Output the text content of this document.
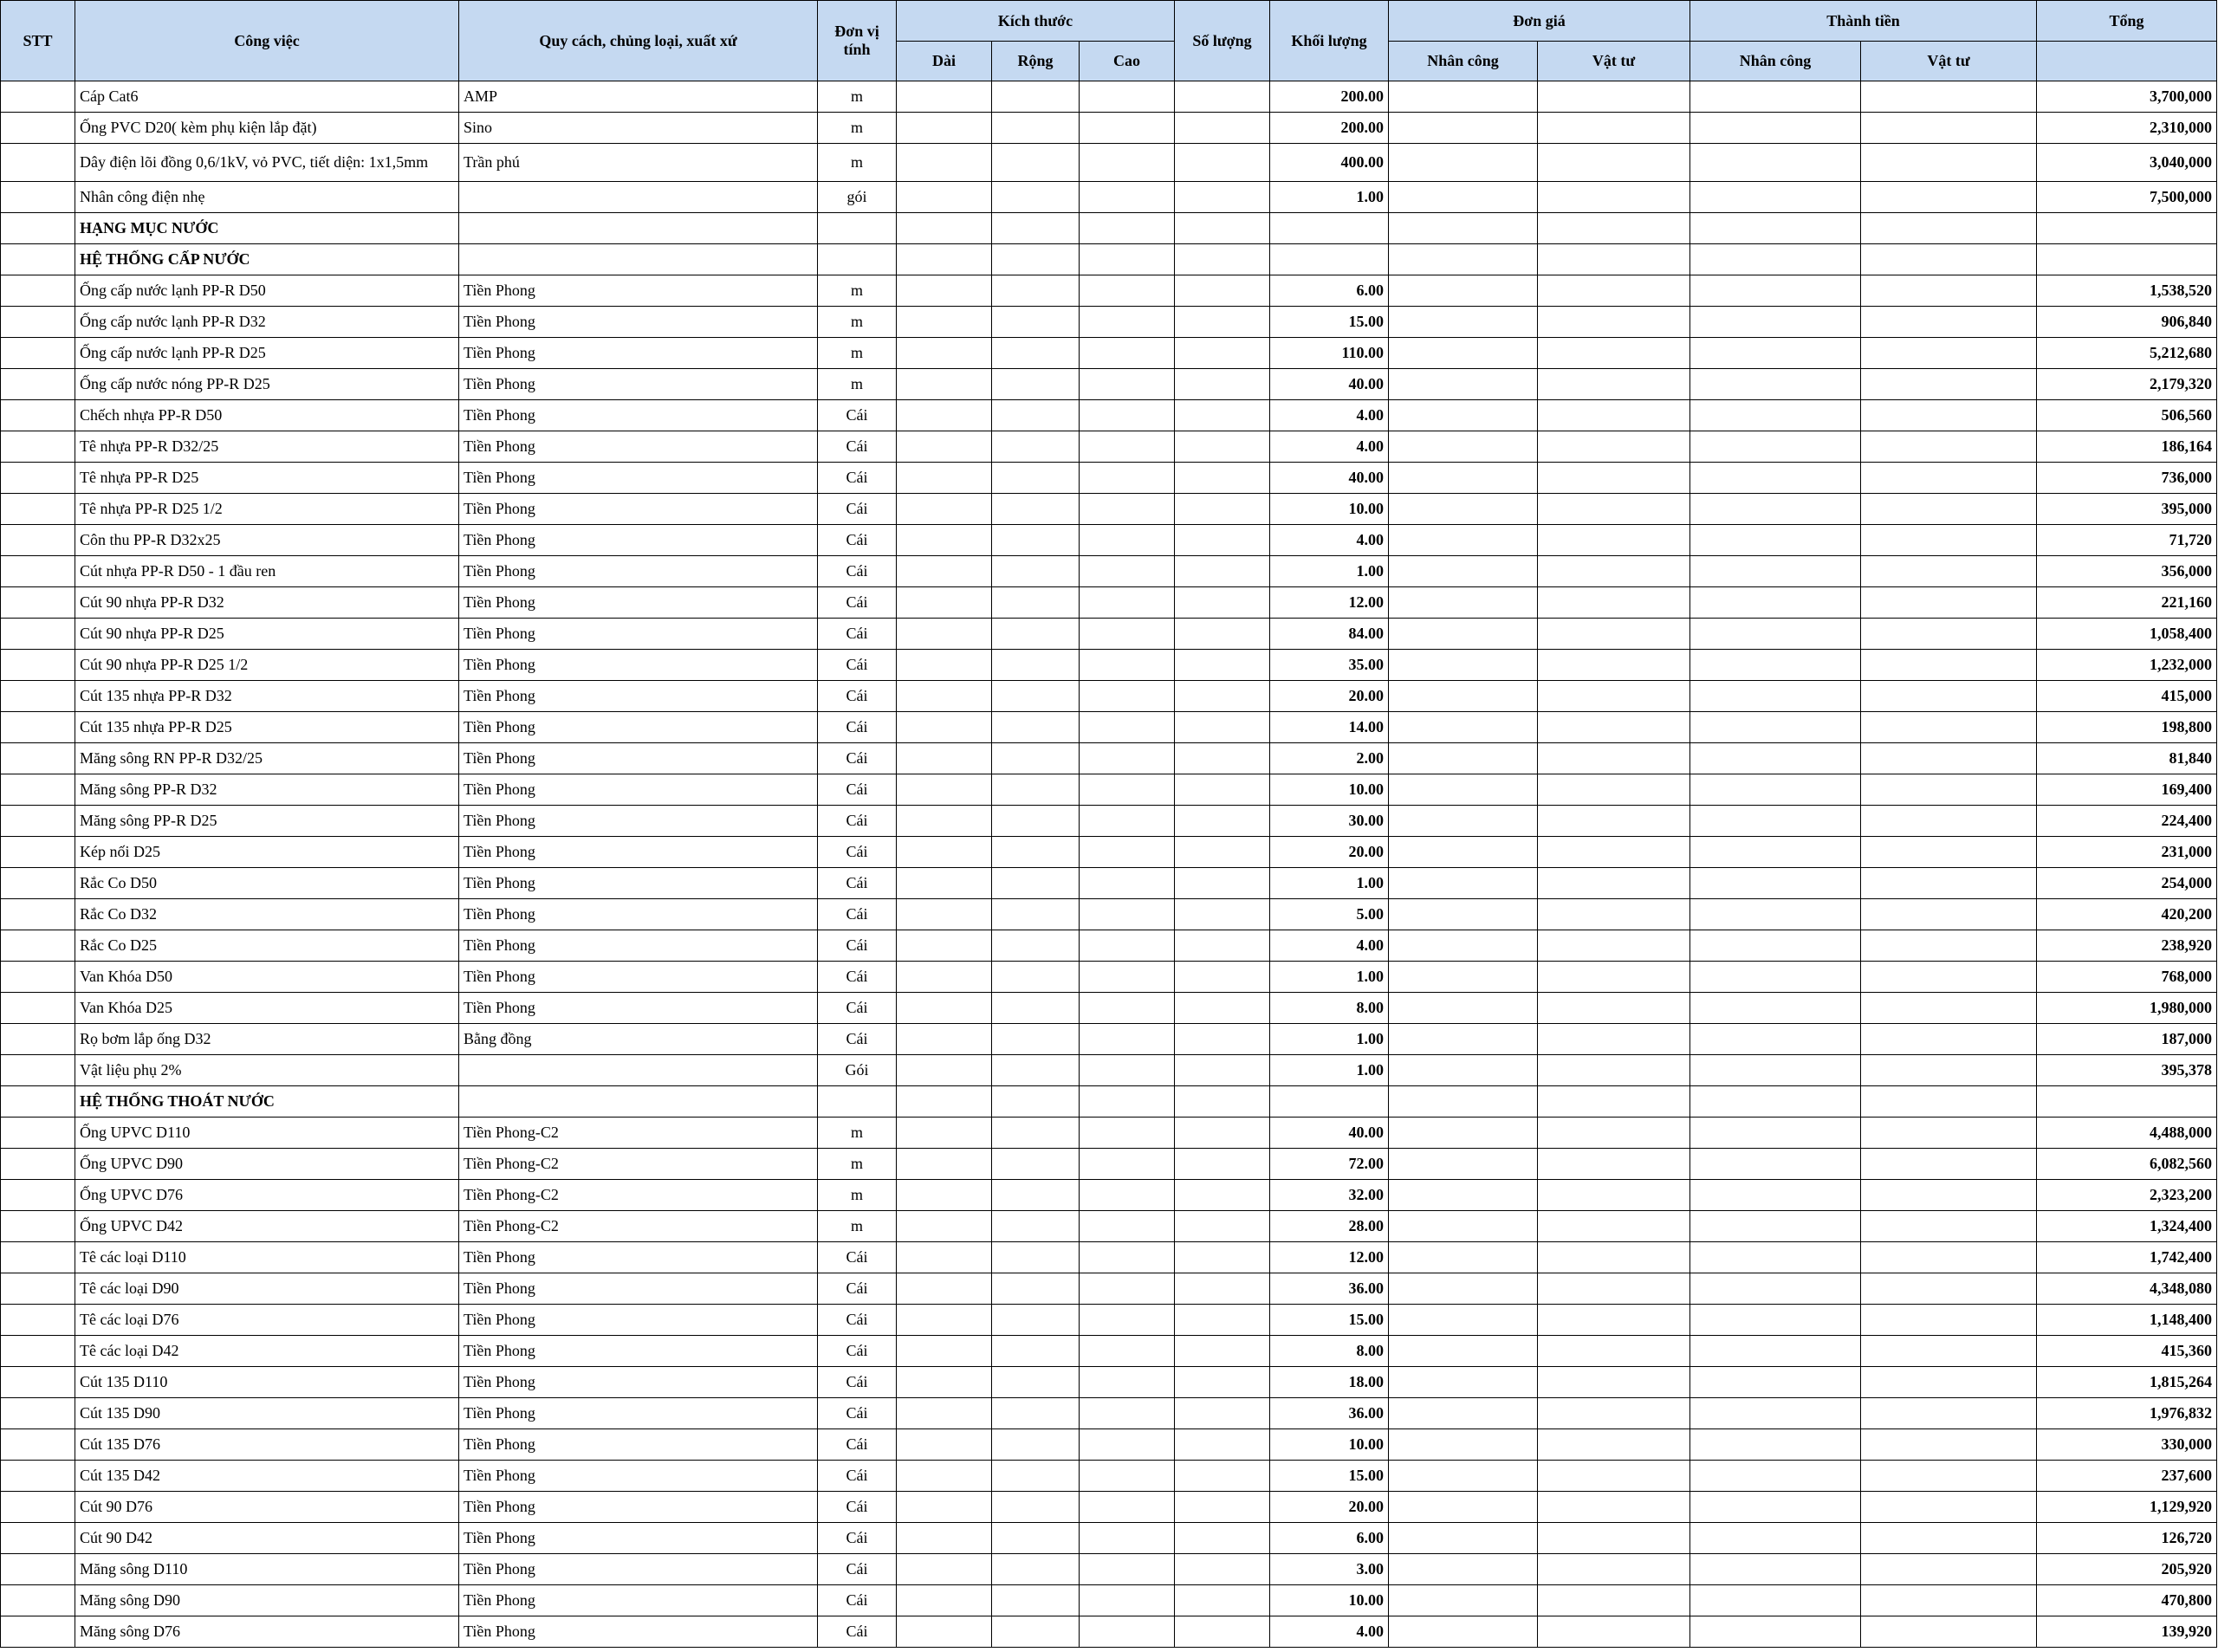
STT	Công việc	Quy cách, chủng loại, xuất xứ	Đơn vị tính	Kích thước			Số lượng	Khối lượng	Đơn giá		Thành tiền		Tổng
				Dài	Rộng	Cao			Nhân công	Vật tư	Nhân công	Vật tư	
	Cáp Cat6	AMP	m					200.00					3,700,000
	Ống PVC D20( kèm phụ kiện lắp đặt)	Sino	m					200.00					2,310,000
	Dây điện lõi đồng 0,6/1kV, vỏ PVC, tiết diện: 1x1,5mm	Trần phú	m					400.00					3,040,000
	Nhân công điện nhẹ		gói					1.00					7,500,000
	HẠNG MỤC NƯỚC												
	HỆ THỐNG CẤP NƯỚC												
	Ống cấp nước lạnh PP-R D50	Tiền Phong	m					6.00					1,538,520
	Ống cấp nước lạnh PP-R D32	Tiền Phong	m					15.00					906,840
	Ống cấp nước lạnh PP-R D25	Tiền Phong	m					110.00					5,212,680
	Ống cấp nước nóng PP-R D25	Tiền Phong	m					40.00					2,179,320
	Chếch nhựa PP-R D50	Tiền Phong	Cái					4.00					506,560
	Tê nhựa PP-R D32/25	Tiền Phong	Cái					4.00					186,164
	Tê nhựa PP-R D25	Tiền Phong	Cái					40.00					736,000
	Tê nhựa PP-R D25 1/2	Tiền Phong	Cái					10.00					395,000
	Côn thu PP-R D32x25	Tiền Phong	Cái					4.00					71,720
	Cút nhựa PP-R D50 - 1 đầu ren	Tiền Phong	Cái					1.00					356,000
	Cút 90 nhựa PP-R D32	Tiền Phong	Cái					12.00					221,160
	Cút 90 nhựa PP-R D25	Tiền Phong	Cái					84.00					1,058,400
	Cút 90 nhựa PP-R D25 1/2	Tiền Phong	Cái					35.00					1,232,000
	Cút 135 nhựa PP-R D32	Tiền Phong	Cái					20.00					415,000
	Cút 135 nhựa PP-R D25	Tiền Phong	Cái					14.00					198,800
	Măng sông RN PP-R D32/25	Tiền Phong	Cái					2.00					81,840
	Măng sông PP-R D32	Tiền Phong	Cái					10.00					169,400
	Măng sông PP-R D25	Tiền Phong	Cái					30.00					224,400
	Kép nối D25	Tiền Phong	Cái					20.00					231,000
	Rắc Co D50	Tiền Phong	Cái					1.00					254,000
	Rắc Co D32	Tiền Phong	Cái					5.00					420,200
	Rắc Co D25	Tiền Phong	Cái					4.00					238,920
	Van Khóa D50	Tiền Phong	Cái					1.00					768,000
	Van Khóa D25	Tiền Phong	Cái					8.00					1,980,000
	Rọ bơm lắp ống D32	Bằng đồng	Cái					1.00					187,000
	Vật liệu phụ 2%		Gói					1.00					395,378
	HỆ THỐNG THOÁT NƯỚC												
	Ống UPVC D110	Tiền Phong-C2	m					40.00					4,488,000
	Ống UPVC D90	Tiền Phong-C2	m					72.00					6,082,560
	Ống UPVC D76	Tiền Phong-C2	m					32.00					2,323,200
	Ống UPVC D42	Tiền Phong-C2	m					28.00					1,324,400
	Tê các loại D110	Tiền Phong	Cái					12.00					1,742,400
	Tê các loại D90	Tiền Phong	Cái					36.00					4,348,080
	Tê các loại D76	Tiền Phong	Cái					15.00					1,148,400
	Tê các loại D42	Tiền Phong	Cái					8.00					415,360
	Cút 135 D110	Tiền Phong	Cái					18.00					1,815,264
	Cút 135 D90	Tiền Phong	Cái					36.00					1,976,832
	Cút 135 D76	Tiền Phong	Cái					10.00					330,000
	Cút 135 D42	Tiền Phong	Cái					15.00					237,600
	Cút 90 D76	Tiền Phong	Cái					20.00					1,129,920
	Cút 90 D42	Tiền Phong	Cái					6.00					126,720
	Măng sông D110	Tiền Phong	Cái					3.00					205,920
	Măng sông D90	Tiền Phong	Cái					10.00					470,800
	Măng sông D76	Tiền Phong	Cái					4.00					139,920
